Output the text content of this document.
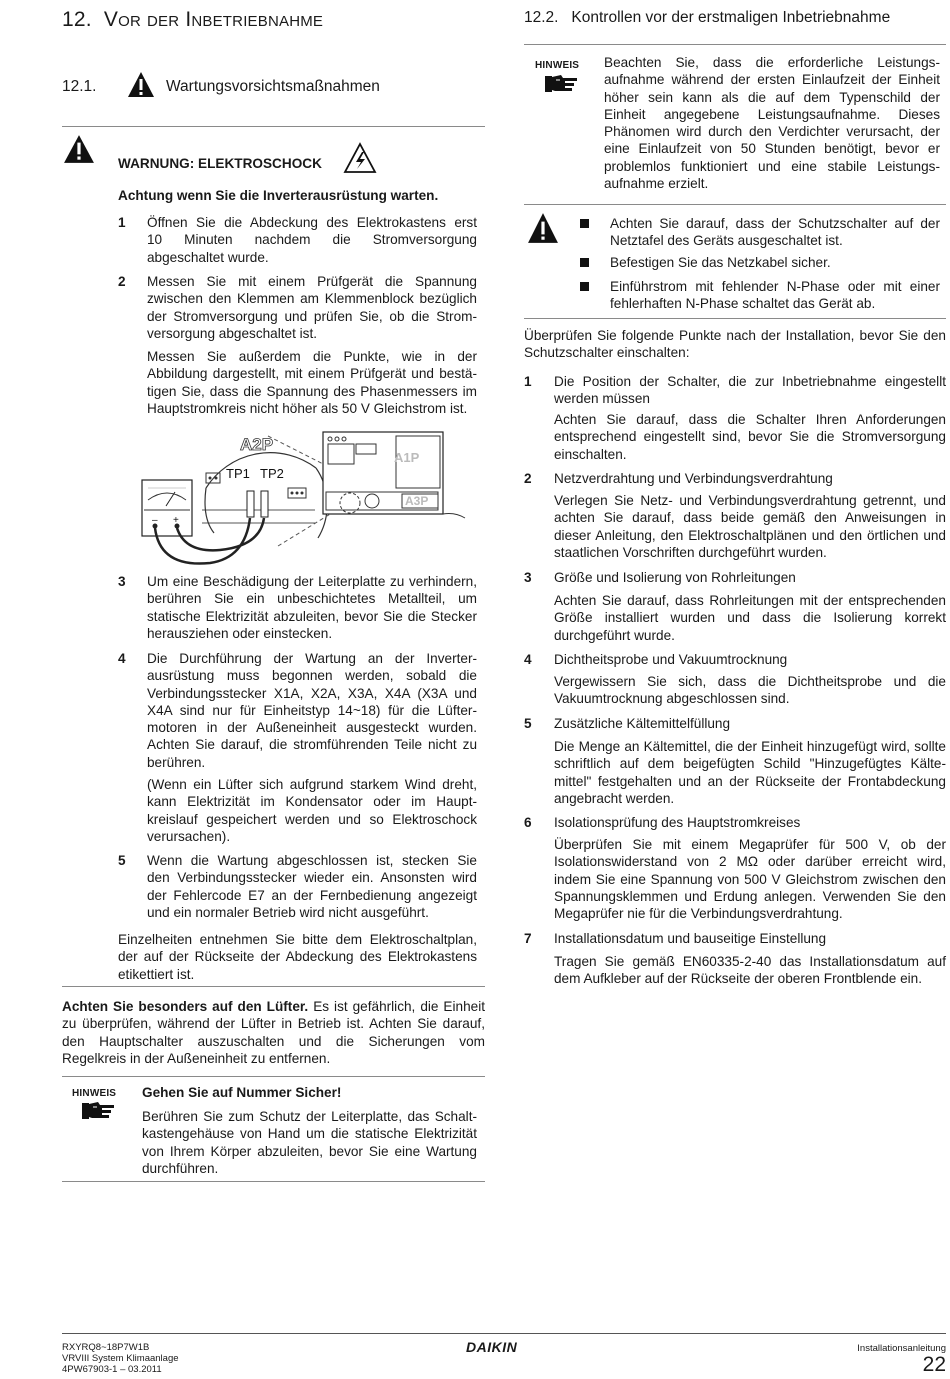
12. Vor der Inbetriebnahme
12.1.	Wartungsvorsichtsmaßnahmen
WARNUNG: ELEKTROSCHOCK
Achtung wenn Sie die Inverterausrüstung warten.
1 Öffnen Sie die Abdeckung des Elektrokastens erst
10 Minuten nachdem die Stromversorgung
abgeschaltet wurde.
2 Messen Sie mit einem Prüfgerät die Spannung
zwischen den Klemmen am Klemmenblock bezüglich
der Stromversorgung und prüfen Sie, ob die Strom-
versorgung abgeschaltet ist.
Messen Sie außerdem die Punkte, wie in der
Abbildung dargestellt, mit einem Prüfgerät und bestä-
tigen Sie, dass die Spannung des Phasenmessers im
Hauptstromkreis nicht höher als 50 V Gleichstrom ist.
A2P
TP1 TP2
A1P
A3P
– +
3 Um eine Beschädigung der Leiterplatte zu verhindern,
berühren Sie ein unbeschichtetes Metallteil, um
statische Elektrizität abzuleiten, bevor Sie die Stecker
herausziehen oder einstecken.
4 Die Durchführung der Wartung an der Inverter-
ausrüstung muss begonnen werden, sobald die
Verbindungsstecker X1A, X2A, X3A, X4A (X3A und
X4A sind nur für Einheitstyp 14~18) für die Lüfter-
motoren in der Außeneinheit ausgesteckt wurden.
Achten Sie darauf, die stromführenden Teile nicht zu
berühren.
(Wenn ein Lüfter sich aufgrund starkem Wind dreht,
kann Elektrizität im Kondensator oder im Haupt-
kreislauf gespeichert werden und so Elektroschock
verursachen).
5 Wenn die Wartung abgeschlossen ist, stecken Sie
den Verbindungsstecker wieder ein. Ansonsten wird
der Fehlercode E7 an der Fernbedienung angezeigt
und ein normaler Betrieb wird nicht ausgeführt.
Einzelheiten entnehmen Sie bitte dem Elektroschaltplan,
der auf der Rückseite der Abdeckung des Elektrokastens
etikettiert ist.
Achten Sie besonders auf den Lüfter. Es ist gefährlich, die Einheit
zu überprüfen, während der Lüfter in Betrieb ist. Achten Sie darauf,
den Hauptschalter auszuschalten und die Sicherungen vom
Regelkreis in der Außeneinheit zu entfernen.
HINWEIS Gehen Sie auf Nummer Sicher!
Berühren Sie zum Schutz der Leiterplatte, das Schalt-
kastengehäuse von Hand um die statische Elektrizität
von Ihrem Körper abzuleiten, bevor Sie eine Wartung
durchführen.
12.2. Kontrollen vor der erstmaligen Inbetriebnahme
HINWEIS Beachten Sie, dass die erforderliche Leistungs-
aufnahme während der ersten Einlaufzeit der Einheit
höher sein kann als die auf dem Typenschild der
Einheit angegebene Leistungsaufnahme. Dieses
Phänomen wird durch den Verdichter verursacht, der
eine Einlaufzeit von 50 Stunden benötigt, bevor er
problemlos funktioniert und eine stabile Leistungs-
aufnahme erzielt.
Achten Sie darauf, dass der Schutzschalter auf der
Netztafel des Geräts ausgeschaltet ist.
Befestigen Sie das Netzkabel sicher.
Einführstrom mit fehlender N-Phase oder mit einer
fehlerhaften N-Phase schaltet das Gerät ab.
Überprüfen Sie folgende Punkte nach der Installation, bevor Sie den
Schutzschalter einschalten:
1 Die Position der Schalter, die zur Inbetriebnahme eingestellt
werden müssen
Achten Sie darauf, dass die Schalter Ihren Anforderungen
entsprechend eingestellt sind, bevor Sie die Stromversorgung
einschalten.
2 Netzverdrahtung und Verbindungsverdrahtung
Verlegen Sie Netz- und Verbindungsverdrahtung getrennt, und
achten Sie darauf, dass beide gemäß den Anweisungen in
dieser Anleitung, den Elektroschaltplänen und den örtlichen und
staatlichen Vorschriften durchgeführt wurden.
3 Größe und Isolierung von Rohrleitungen
Achten Sie darauf, dass Rohrleitungen mit der entsprechenden
Größe installiert wurden und dass die Isolierung korrekt
durchgeführt wurde.
4 Dichtheitsprobe und Vakuumtrocknung
Vergewissern Sie sich, dass die Dichtheitsprobe und die
Vakuumtrocknung abgeschlossen sind.
5 Zusätzliche Kältemittelfüllung
Die Menge an Kältemittel, die der Einheit hinzugefügt wird, sollte
schriftlich auf dem beigefügten Schild "Hinzugefügtes Kälte-
mittel" festgehalten und an der Rückseite der Frontabdeckung
angebracht werden.
6 Isolationsprüfung des Hauptstromkreises
Überprüfen Sie mit einem Megaprüfer für 500 V, ob der
Isolationswiderstand von 2 MΩ oder darüber erreicht wird,
indem Sie eine Spannung von 500 V Gleichstrom zwischen den
Spannungsklemmen und Erdung anlegen. Verwenden Sie den
Megaprüfer nie für die Verbindungsverdrahtung.
7 Installationsdatum und bauseitige Einstellung
Tragen Sie gemäß EN60335-2-40 das Installationsdatum auf
dem Aufkleber auf der Rückseite der oberen Frontblende ein.
RXYRQ8~18P7W1B
VRVIII System Klimaanlage
4PW67903-1 – 03.2011
DAIKIN	Installationsanleitung
22
